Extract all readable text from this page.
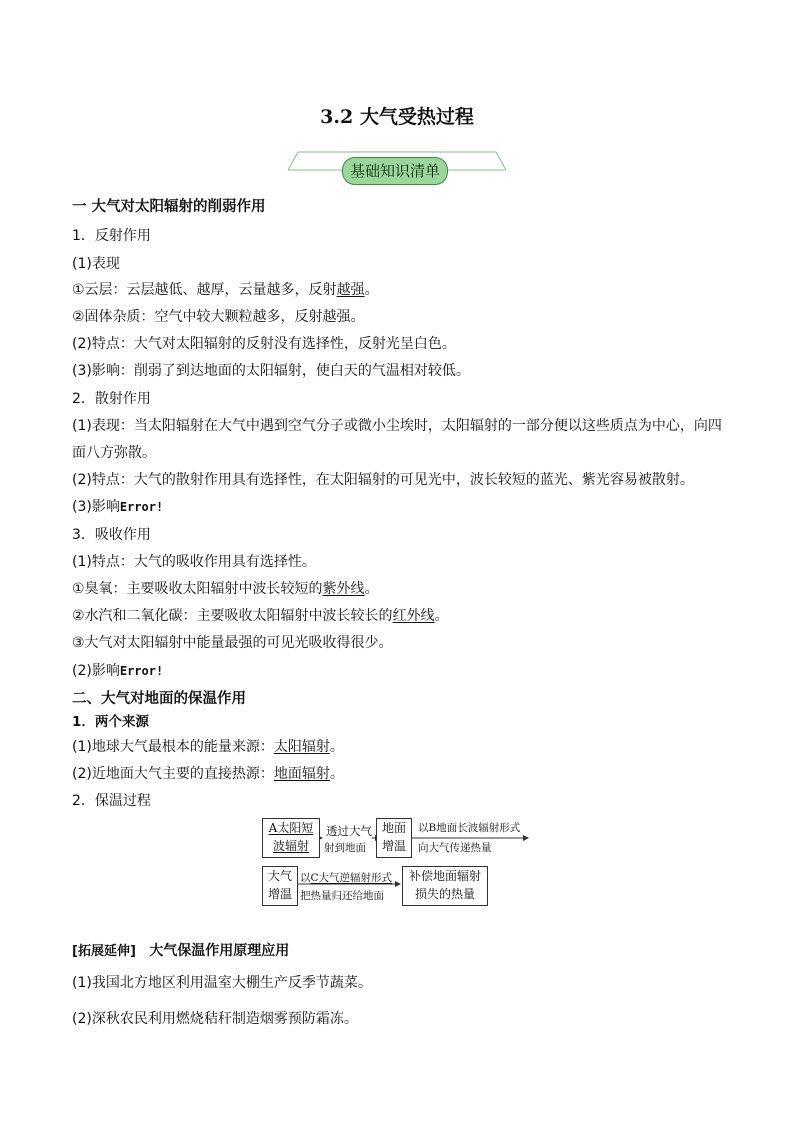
3.2 大气受热过程
基础知识清单
一 大气对太阳辐射的削弱作用
1．反射作用
(1)表现
①云层：云层越低、越厚，云量越多，反射越强。
②固体杂质：空气中较大颗粒越多，反射越强。
(2)特点：大气对太阳辐射的反射没有选择性，反射光呈白色。
(3)影响：削弱了到达地面的太阳辐射，使白天的气温相对较低。
2．散射作用
(1)表现：当太阳辐射在大气中遇到空气分子或微小尘埃时，太阳辐射的一部分便以这些质点为中心，向四
面八方弥散。
(2)特点：大气的散射作用具有选择性，在太阳辐射的可见光中，波长较短的蓝光、紫光容易被散射。
(3)影响Error!
3．吸收作用
(1)特点：大气的吸收作用具有选择性。
①臭氧：主要吸收太阳辐射中波长较短的紫外线。
②水汽和二氧化碳：主要吸收太阳辐射中波长较长的红外线。
③大气对太阳辐射中能量最强的可见光吸收得很少。
(2)影响Error!
二、大气对地面的保温作用
1．两个来源
(1)地球大气最根本的能量来源：太阳辐射。
(2)近地面大气主要的直接热源：地面辐射。
2．保温过程
A太阳短
波辐射
透过大气
射到地面
地面
增温
以B地面长波辐射形式
向大气传递热量
大气
增温
以C大气逆辐射形式
把热量归还给地面
补偿地面辐射
损失的热量
[拓展延伸] 大气保温作用原理应用
(1)我国北方地区利用温室大棚生产反季节蔬菜。
(2)深秋农民利用燃烧秸秆制造烟雾预防霜冻。
